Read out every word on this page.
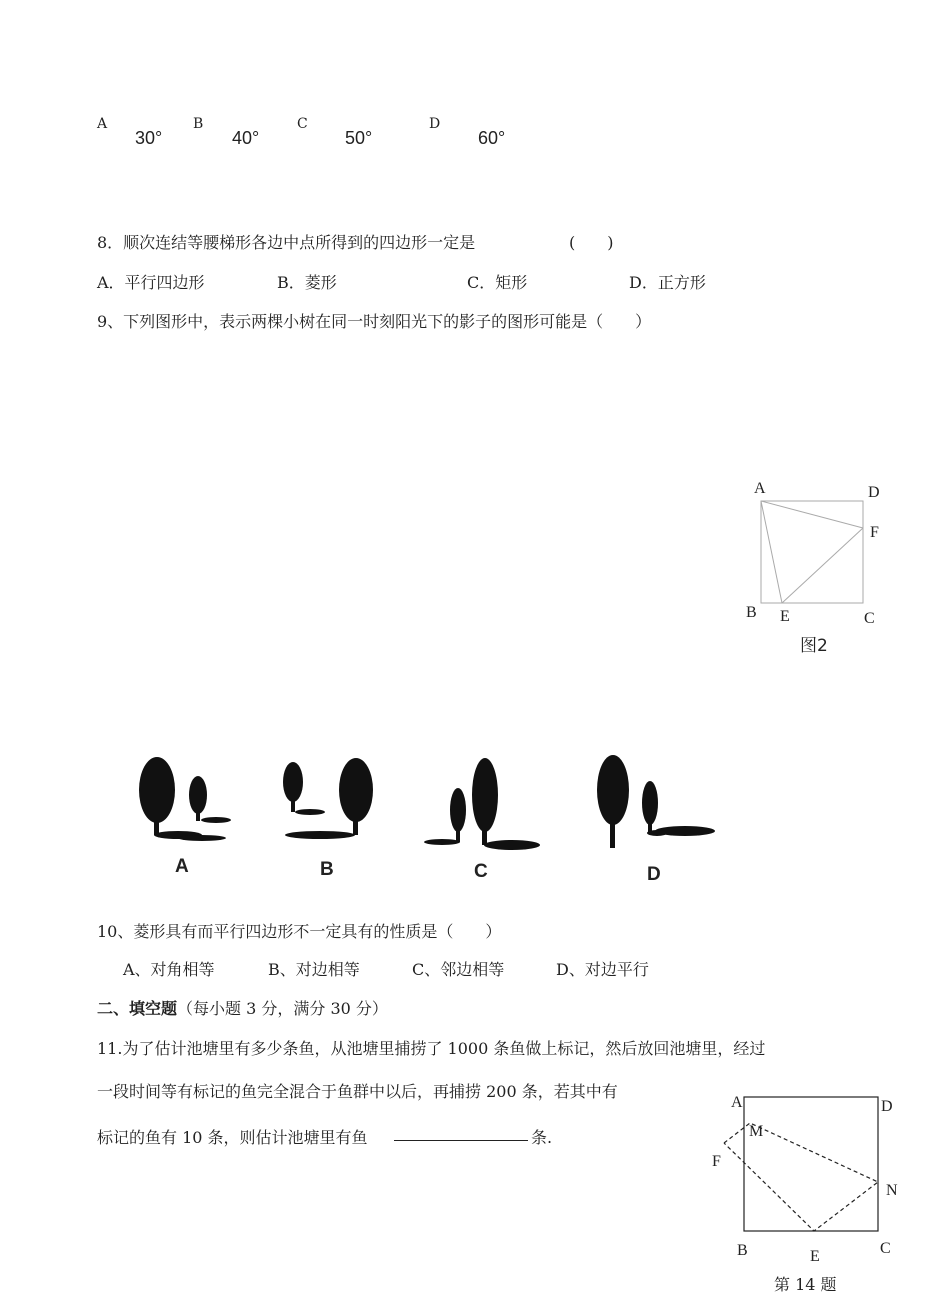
A
30°
B
40°
C
50°
D
60°
8．顺次连结等腰梯形各边中点所得到的四边形一定是	(　　)
A．平行四边形	B．菱形	C．矩形	D．正方形
9、下列图形中，表示两棵小树在同一时刻阳光下的影子的图形可能是（　　）
A	D
F
B E	C
图2
A	B	C	D
10、菱形具有而平行四边形不一定具有的性质是（　　）
A、对角相等	B、对边相等	C、邻边相等	D、对边平行
二、填空题 （每小题 3 分，满分 30 分）
11.为了估计池塘里有多少条鱼，从池塘里捕捞了 1000 条鱼做上标记，然后放回池塘里，经过
一段时间等有标记的鱼完全混合于鱼群中以后，再捕捞 200 条，若其中有
标记的鱼有 10 条，则估计池塘里有鱼	条.
A	D
M
F
N
B	E	C
第 14 题
